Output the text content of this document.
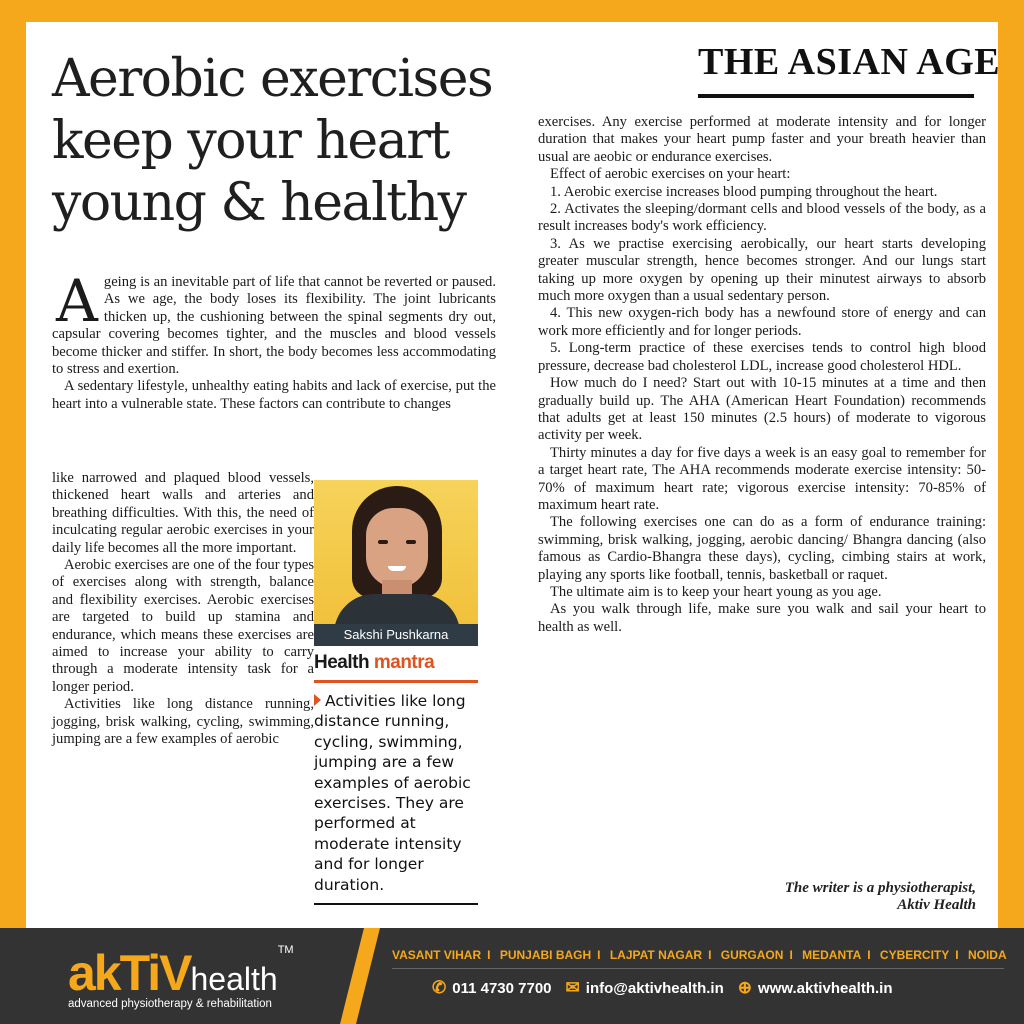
Aerobic exercises
keep your heart
young & healthy
THE ASIAN AGE

Ageing is an inevitable part of life that cannot be reverted or paused. As we age, the body loses its flexibility. The joint lubricants thicken up, the cushioning between the spinal segments dry out, capsular covering becomes tighter, and the muscles and blood vessels become thicker and stiffer. In short, the body becomes less accommodating to stress and exertion.

A sedentary lifestyle, unhealthy eating habits and lack of exercise, put the heart into a vulnerable state. These factors can contribute to changes

like narrowed and plaqued blood vessels, thickened heart walls and arteries and breathing difficulties. With this, the need of inculcating regular aerobic exercises in your daily life becomes all the more important.

Aerobic exercises are one of the four types of exercises along with strength, balance and flexibility exercises. Aerobic exercises are targeted to build up stamina and endurance, which means these exercises are aimed to increase your ability to carry through a moderate intensity task for a longer period.

Activities like long distance running, jogging, brisk walking, cycling, swimming, jumping are a few examples of aerobic

Sakshi Pushkarna
Health mantra
Activities like long distance running, cycling, swimming, jumping are a few examples of aerobic exercises. They are performed at moderate intensity and for longer duration.

exercises. Any exercise performed at moderate intensity and for longer duration that makes your heart pump faster and your breath heavier than usual are aeobic or endurance exercises.

Effect of aerobic exercises on your heart:

1. Aerobic exercise increases blood pumping throughout the heart.

2. Activates the sleeping/dormant cells and blood vessels of the body, as a result increases body's work efficiency.

3. As we practise exercising aerobically, our heart starts developing greater muscular strength, hence becomes stronger. And our lungs start taking up more oxygen by opening up their minutest airways to absorb much more oxygen than a usual sedentary person.

4. This new oxygen-rich body has a newfound store of energy and can work more efficiently and for longer periods.

5. Long-term practice of these exercises tends to control high blood pressure, decrease bad cholesterol LDL, increase good cholesterol HDL.

How much do I need? Start out with 10-15 minutes at a time and then gradually build up. The AHA (American Heart Foundation) recommends that adults get at least 150 minutes (2.5 hours) of moderate to vigorous activity per week.

Thirty minutes a day for five days a week is an easy goal to remember for a target heart rate, The AHA recommends moderate exercise intensity: 50-70% of maximum heart rate; vigorous exercise intensity: 70-85% of maximum heart rate.

The following exercises one can do as a form of endurance training: swimming, brisk walking, jogging, aerobic dancing/ Bhangra dancing (also famous as Cardio-Bhangra these days), cycling, cimbing stairs at work, playing any sports like football, tennis, basketball or raquet.

The ultimate aim is to keep your heart young as you age.

As you walk through life, make sure you walk and sail your heart to health as well.

The writer is a physiotherapist,
Aktiv Health
akTiVhealth™
advanced physiotherapy & rehabilitation
VASANT VIHAR I PUNJABI BAGH I LAJPAT NAGAR I GURGAON I MEDANTA I CYBERCITY I NOIDA
✆ 011 4730 7700 ✉ info@aktivhealth.in ⊕ www.aktivhealth.in
